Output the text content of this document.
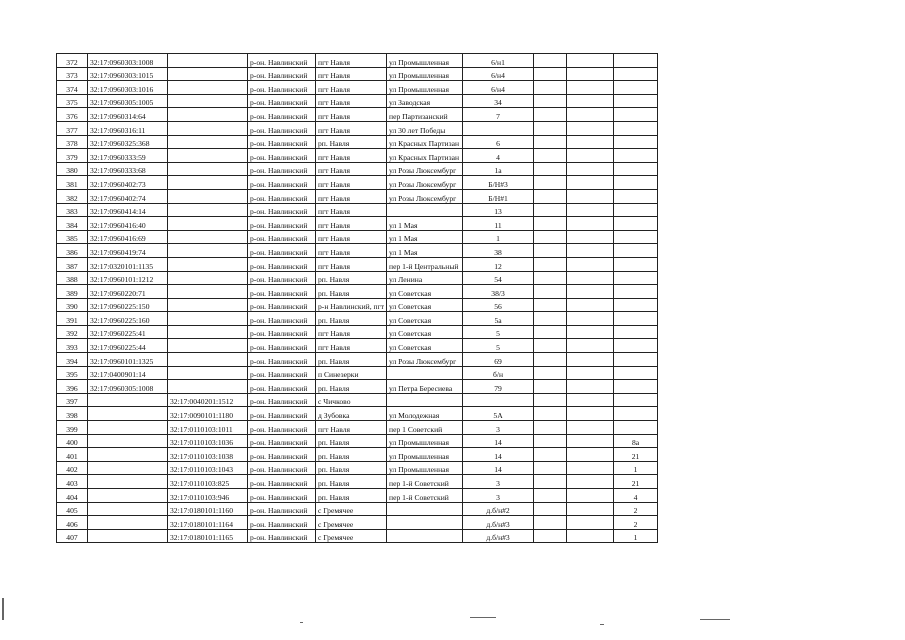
372	32:17:0960303:1008		р-он. Навлинский	пгт Навля	ул Промышленная	6/н1			
373	32:17:0960303:1015		р-он. Навлинский	пгт Навля	ул Промышленная	6/н4			
374	32:17:0960303:1016		р-он. Навлинский	пгт Навля	ул Промышленная	6/н4			
375	32:17:0960305:1005		р-он. Навлинский	пгт Навля	ул Заводская	34			
376	32:17:0960314:64		р-он. Навлинский	пгт Навля	пер Партизанский	7			
377	32:17:0960316:11		р-он. Навлинский	пгт Навля	ул 30 лет Победы				
378	32:17:0960325:368		р-он. Навлинский	рп. Навля	ул Красных Партизан	6			
379	32:17:0960333:59		р-он. Навлинский	пгт Навля	ул Красных Партизан	4			
380	32:17:0960333:68		р-он. Навлинский	пгт Навля	ул Розы Люксембург	1а			
381	32:17:0960402:73		р-он. Навлинский	пгт Навля	ул Розы Люксембург	Б/Н#3			
382	32:17:0960402:74		р-он. Навлинский	пгт Навля	ул Розы Люксембург	Б/Н#1			
383	32:17:0960414:14		р-он. Навлинский	пгт Навля		13			
384	32:17:0960416:40		р-он. Навлинский	пгт Навля	ул 1 Мая	11			
385	32:17:0960416:69		р-он. Навлинский	пгт Навля	ул 1 Мая	1			
386	32:17:0960419:74		р-он. Навлинский	пгт Навля	ул 1 Мая	38			
387	32:17:0320101:1135		р-он. Навлинский	пгт Навля	пер 1-й Центральный	12			
388	32:17:0960101:1212		р-он. Навлинский	рп. Навля	ул Ленина	54			
389	32:17:0960220:71		р-он. Навлинский	рп. Навля	ул Советская	38/3			
390	32:17:0960225:150		р-он. Навлинский	р-н Навлинский, пгт	ул Советская	56			
391	32:17:0960225:160		р-он. Навлинский	рп. Навля	ул Советская	5а			
392	32:17:0960225:41		р-он. Навлинский	пгт Навля	ул Советская	5			
393	32:17:0960225:44		р-он. Навлинский	пгт Навля	ул Советская	5			
394	32:17:0960101:1325		р-он. Навлинский	рп. Навля	ул Розы Люксембург	69			
395	32:17:0400901:14		р-он. Навлинский	п Синезерки		б/н			
396	32:17:0960305:1008		р-он. Навлинский	рп. Навля	ул Петра Бересиева	79			
397		32:17:0040201:1512	р-он. Навлинский	с Чичково					
398		32:17:0090101:1180	р-он. Навлинский	д Зубовка	ул Молодежная	5А			
399		32:17:0110103:1011	р-он. Навлинский	пгт Навля	пер 1 Советский	3			
400		32:17:0110103:1036	р-он. Навлинский	рп. Навля	ул Промышленная	14			8а
401		32:17:0110103:1038	р-он. Навлинский	рп. Навля	ул Промышленная	14			21
402		32:17:0110103:1043	р-он. Навлинский	рп. Навля	ул Промышленная	14			1
403		32:17:0110103:825	р-он. Навлинский	рп. Навля	пер 1-й Советский	3			21
404		32:17:0110103:946	р-он. Навлинский	рп. Навля	пер 1-й Советский	3			4
405		32:17:0180101:1160	р-он. Навлинский	с Гремячее		д.б/н#2			2
406		32:17:0180101:1164	р-он. Навлинский	с Гремячее		д.б/н#3			2
407		32:17:0180101:1165	р-он. Навлинский	с Гремячее		д.б/н#3			1
